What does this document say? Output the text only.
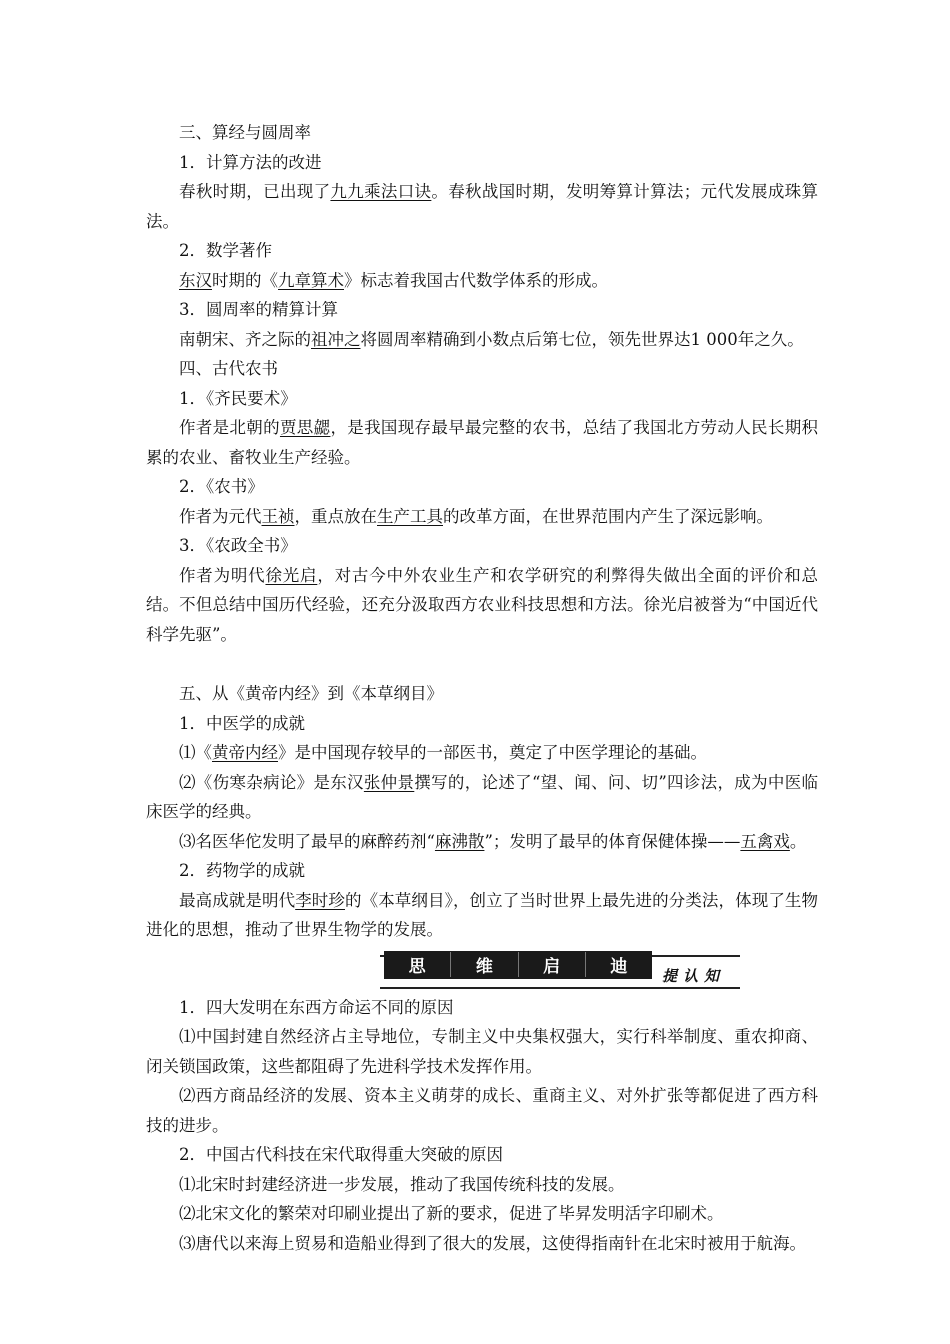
三、算经与圆周率

1．计算方法的改进

春秋时期，已出现了九九乘法口诀。春秋战国时期，发明筹算计算法；元代发展成珠算法。

2．数学著作

东汉时期的《九章算术》标志着我国古代数学体系的形成。

3．圆周率的精算计算

南朝宋、齐之际的祖冲之将圆周率精确到小数点后第七位，领先世界达1 000年之久。

四、古代农书

1．《齐民要术》

作者是北朝的贾思勰，是我国现存最早最完整的农书，总结了我国北方劳动人民长期积累的农业、畜牧业生产经验。

2．《农书》

作者为元代王祯，重点放在生产工具的改革方面，在世界范围内产生了深远影响。

3．《农政全书》

作者为明代徐光启，对古今中外农业生产和农学研究的利弊得失做出全面的评价和总结。不但总结中国历代经验，还充分汲取西方农业科技思想和方法。徐光启被誉为“中国近代科学先驱”。

五、从《黄帝内经》到《本草纲目》

1．中医学的成就

⑴《黄帝内经》是中国现存较早的一部医书，奠定了中医学理论的基础。

⑵《伤寒杂病论》是东汉张仲景撰写的，论述了“望、闻、问、切”四诊法，成为中医临床医学的经典。

⑶名医华佗发明了最早的麻醉药剂“麻沸散”；发明了最早的体育保健体操——五禽戏。

2．药物学的成就

最高成就是明代李时珍的《本草纲目》，创立了当时世界上最先进的分类法，体现了生物进化的思想，推动了世界生物学的发展。

思	维	启	迪	提认知

1．四大发明在东西方命运不同的原因

⑴中国封建自然经济占主导地位，专制主义中央集权强大，实行科举制度、重农抑商、闭关锁国政策，这些都阻碍了先进科学技术发挥作用。

⑵西方商品经济的发展、资本主义萌芽的成长、重商主义、对外扩张等都促进了西方科技的进步。

2．中国古代科技在宋代取得重大突破的原因

⑴北宋时封建经济进一步发展，推动了我国传统科技的发展。

⑵北宋文化的繁荣对印刷业提出了新的要求，促进了毕昇发明活字印刷术。

⑶唐代以来海上贸易和造船业得到了很大的发展，这使得指南针在北宋时被用于航海。
